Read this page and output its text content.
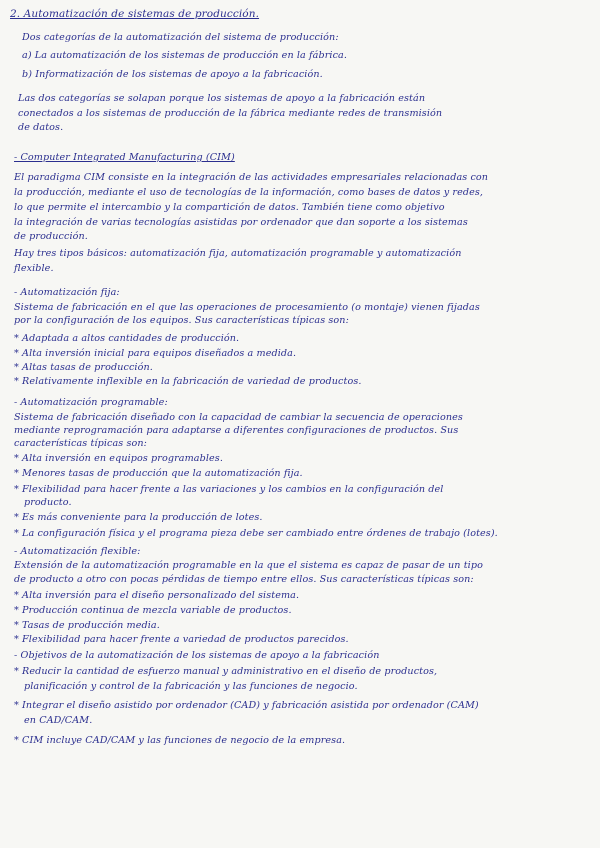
2. Automatización de sistemas de producción.
Dos categorías de la automatización del sistema de producción:
a) La automatización de los sistemas de producción en la fábrica.
b) Informatización de los sistemas de apoyo a la fabricación.
Las dos categorías se solapan porque los sistemas de apoyo a la fabricación están
conectados a los sistemas de producción de la fábrica mediante redes de transmisión
de datos.
- Computer Integrated Manufacturing (CIM)
El paradigma CIM consiste en la integración de las actividades empresariales relacionadas con
la producción, mediante el uso de tecnologías de la información, como bases de datos y redes,
lo que permite el intercambio y la compartición de datos. También tiene como objetivo
la integración de varias tecnologías asistidas por ordenador que dan soporte a los sistemas
de producción.
Hay tres tipos básicos: automatización fija, automatización programable y automatización
flexible.
- Automatización fija:
Sistema de fabricación en el que las operaciones de procesamiento (o montaje) vienen fijadas
por la configuración de los equipos. Sus características típicas son:
* Adaptada a altos cantidades de producción.
* Alta inversión inicial para equipos diseñados a medida.
* Altas tasas de producción.
* Relativamente inflexible en la fabricación de variedad de productos.
- Automatización programable:
Sistema de fabricación diseñado con la capacidad de cambiar la secuencia de operaciones
mediante reprogramación para adaptarse a diferentes configuraciones de productos. Sus
características típicas son:
* Alta inversión en equipos programables.
* Menores tasas de producción que la automatización fija.
* Flexibilidad para hacer frente a las variaciones y los cambios en la configuración del
producto.
* Es más conveniente para la producción de lotes.
* La configuración física y el programa pieza debe ser cambiado entre órdenes de trabajo (lotes).
- Automatización flexible:
Extensión de la automatización programable en la que el sistema es capaz de pasar de un tipo
de producto a otro con pocas pérdidas de tiempo entre ellos. Sus características típicas son:
* Alta inversión para el diseño personalizado del sistema.
* Producción continua de mezcla variable de productos.
* Tasas de producción media.
* Flexibilidad para hacer frente a variedad de productos parecidos.
- Objetivos de la automatización de los sistemas de apoyo a la fabricación
* Reducir la cantidad de esfuerzo manual y administrativo en el diseño de productos,
planificación y control de la fabricación y las funciones de negocio.
* Integrar el diseño asistido por ordenador (CAD) y fabricación asistida por ordenador (CAM)
en CAD/CAM.
* CIM incluye CAD/CAM y las funciones de negocio de la empresa.
